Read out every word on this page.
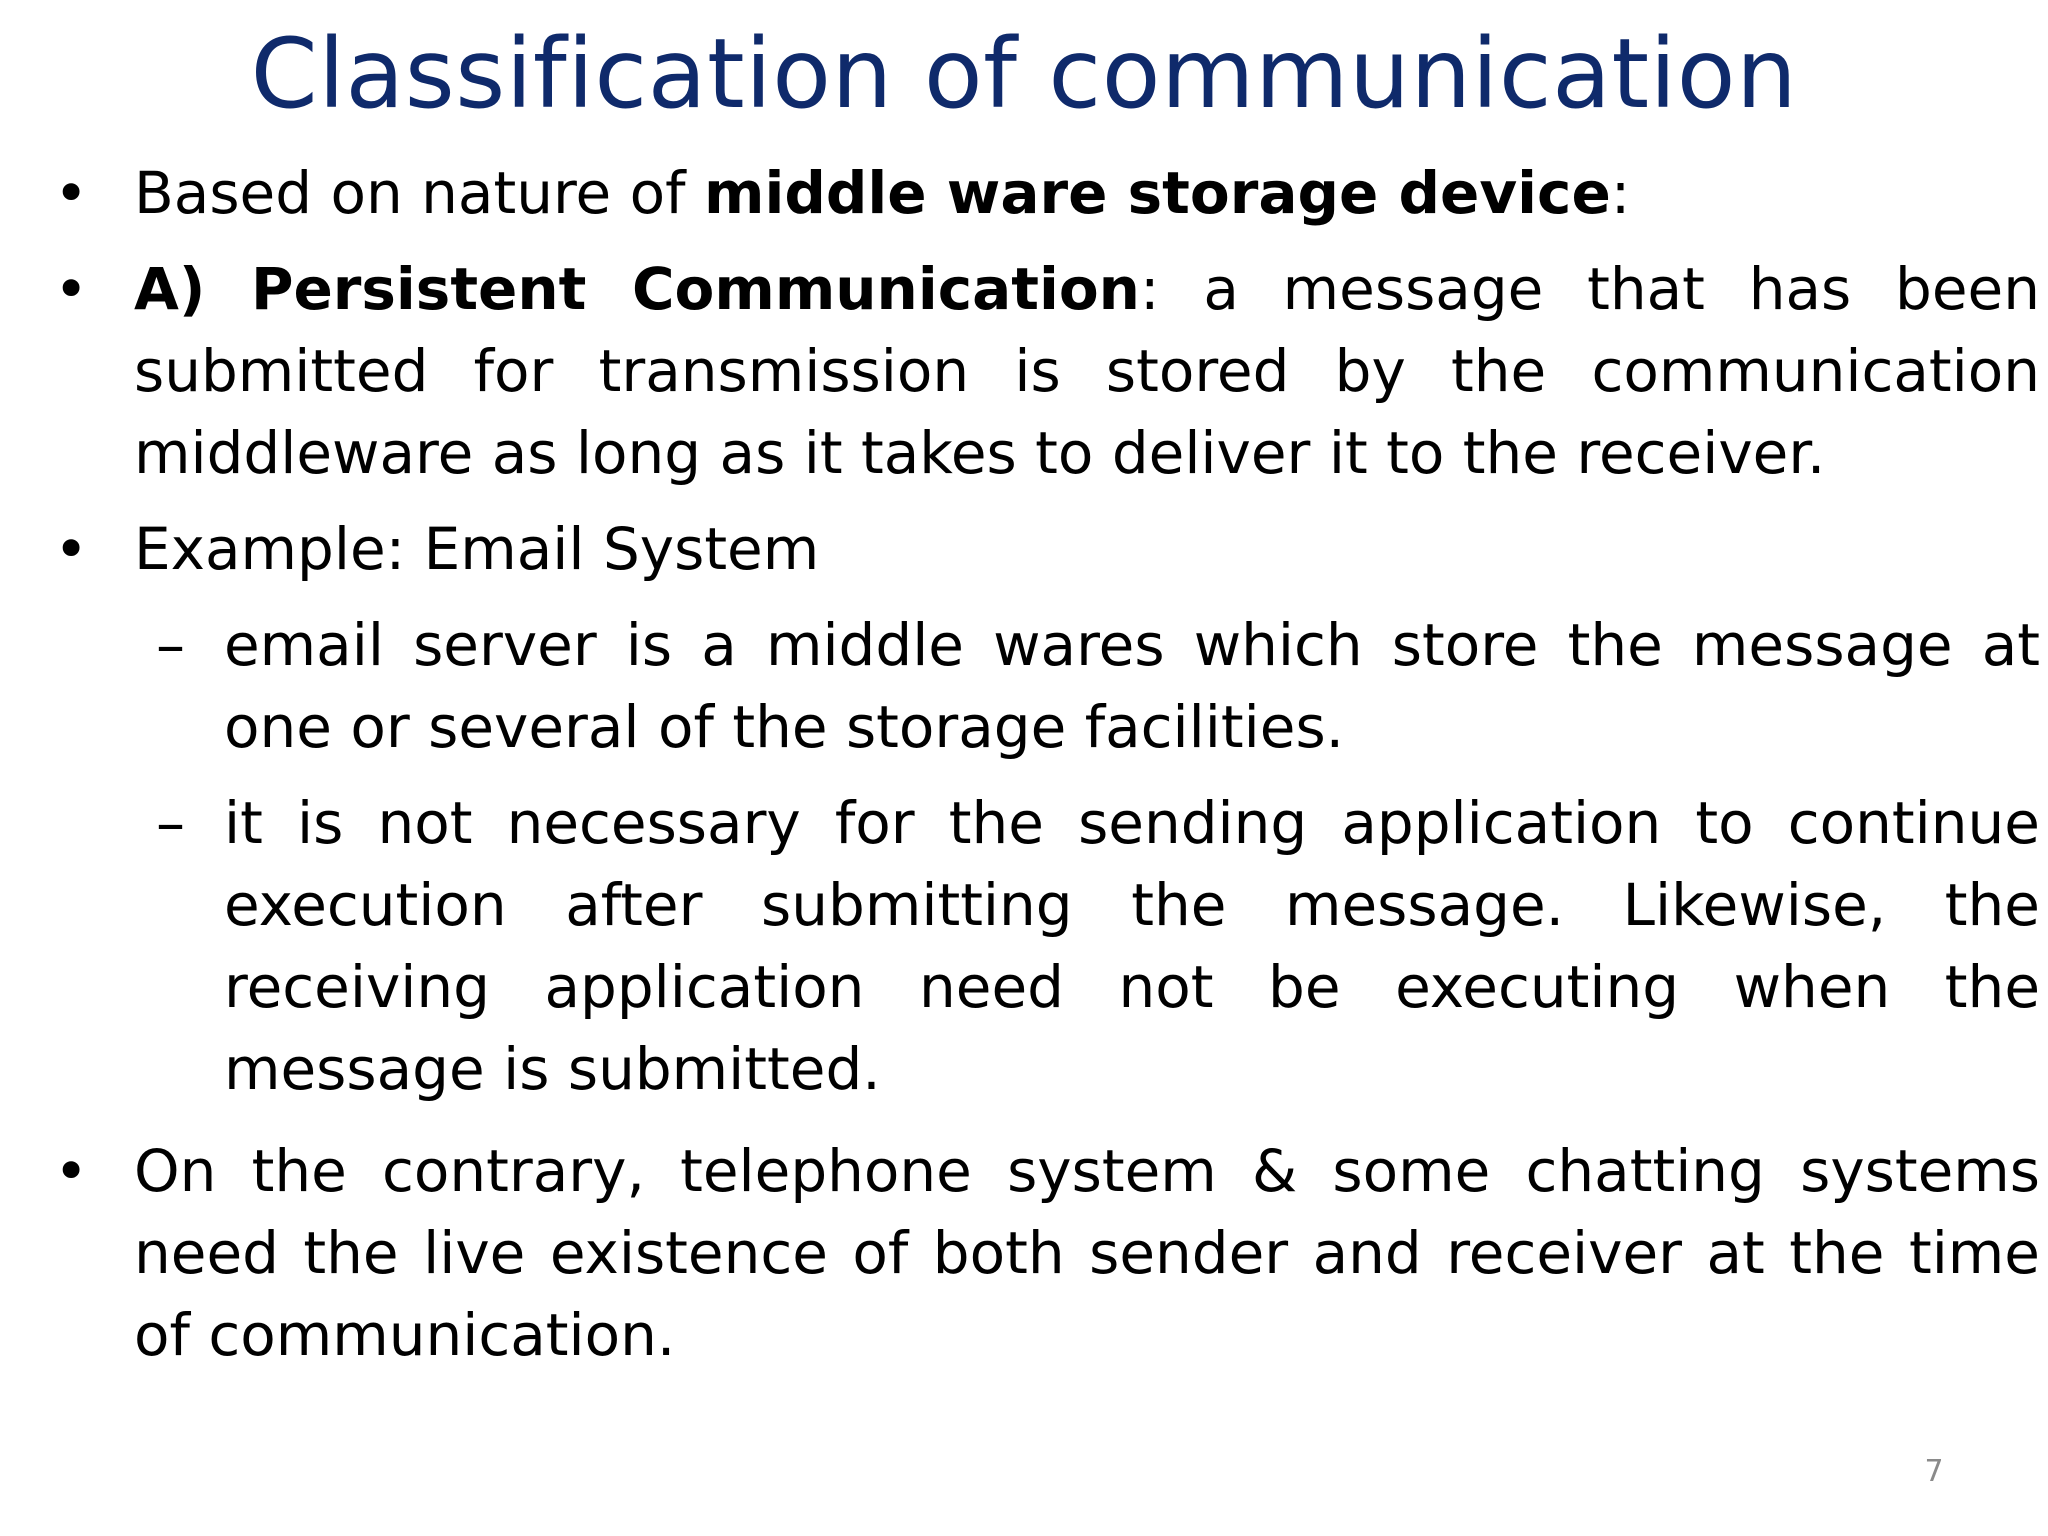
Classification of communication
• Based on nature of middle ware storage device:
• A) Persistent Communication: a message that has been submitted for transmission is stored by the communication middleware as long as it takes to deliver it to the receiver.
• Example: Email System
– email server is a middle wares which store the message at one or several of the storage facilities.
– it is not necessary for the sending application to continue execution after submitting the message. Likewise, the receiving application need not be executing when the message is submitted.
• On the contrary, telephone system & some chatting systems need the live existence of both sender and receiver at the time of communication.
7
